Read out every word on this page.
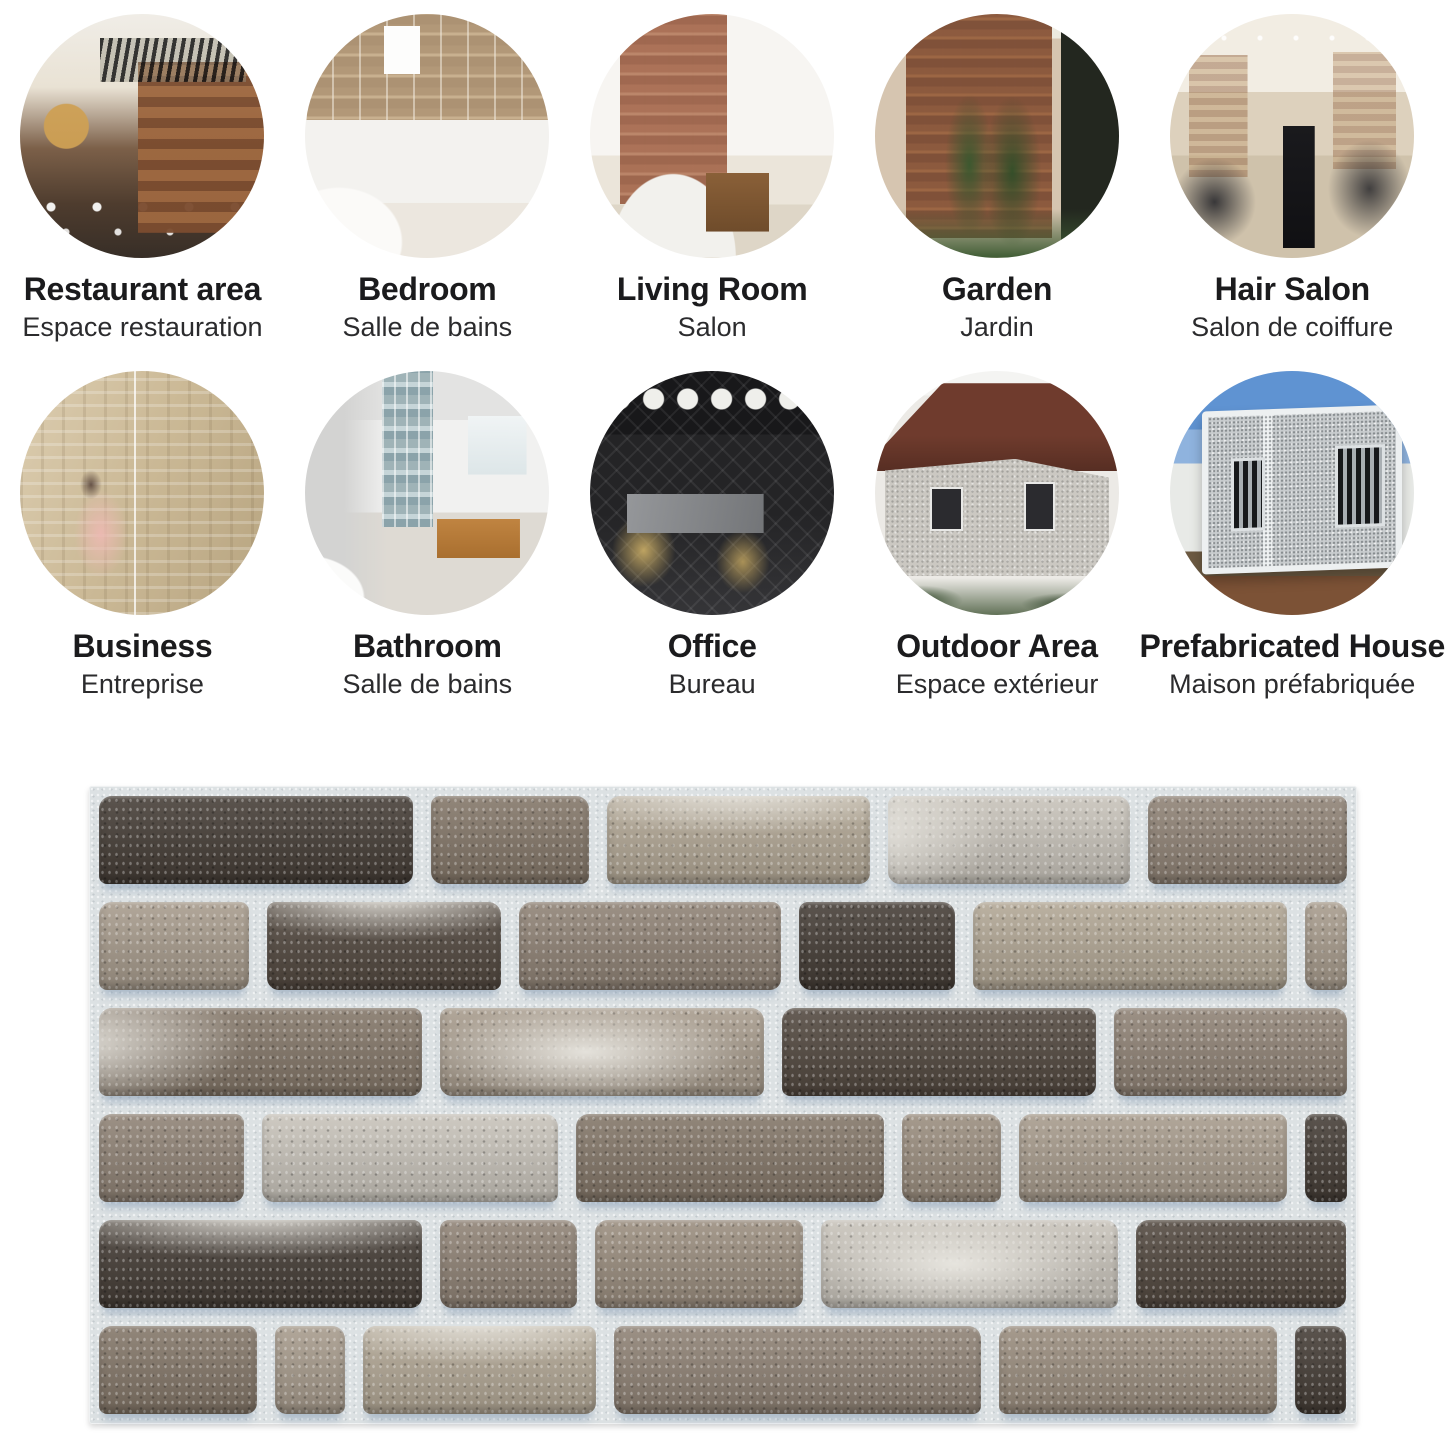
Restaurant area
Espace restauration
Bedroom
Salle de bains
Living Room
Salon
Garden
Jardin
Hair Salon
Salon de coiffure
Business
Entreprise
Bathroom
Salle de bains
Office
Bureau
Outdoor Area
Espace extérieur
Prefabricated House
Maison préfabriquée
